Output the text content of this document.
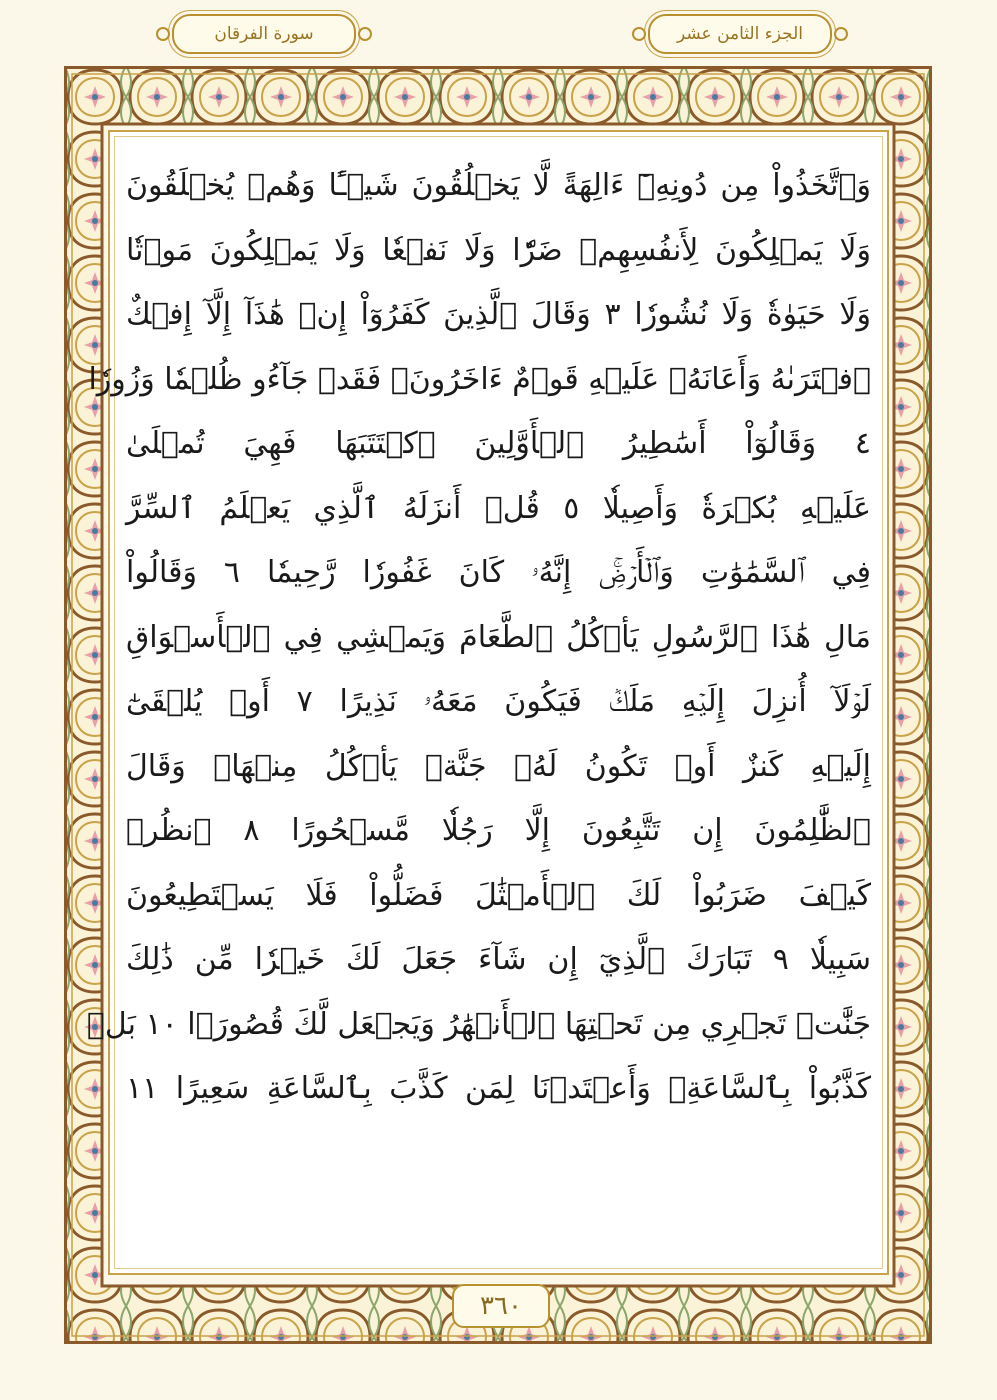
سورة الفرقان	الجزء الثامن عشر
وَٱتَّخَذُواْ مِن دُونِهِۦٓ ءَالِهَةً لَّا يَخۡلُقُونَ شَيۡـًٔا وَهُمۡ يُخۡلَقُونَ
وَلَا يَمۡلِكُونَ لِأَنفُسِهِمۡ ضَرّٗا وَلَا نَفۡعٗا وَلَا يَمۡلِكُونَ مَوۡتٗا
وَلَا حَيَوٰةٗ وَلَا نُشُورٗا ٣ وَقَالَ ٱلَّذِينَ كَفَرُوٓاْ إِنۡ هَٰذَآ إِلَّآ إِفۡكٌ
ٱفۡتَرَىٰهُ وَأَعَانَهُۥ عَلَيۡهِ قَوۡمٌ ءَاخَرُونَۖ فَقَدۡ جَآءُو ظُلۡمٗا وَزُورٗا
٤ وَقَالُوٓاْ أَسَٰطِيرُ ٱلۡأَوَّلِينَ ٱكۡتَتَبَهَا فَهِيَ تُمۡلَىٰ
عَلَيۡهِ بُكۡرَةٗ وَأَصِيلٗا ٥ قُلۡ أَنزَلَهُ ٱلَّذِي يَعۡلَمُ ٱلسِّرَّ
فِي ٱلسَّمَٰوَٰتِ وَٱلۡأَرۡضِۚ إِنَّهُۥ كَانَ غَفُورٗا رَّحِيمٗا ٦ وَقَالُواْ
مَالِ هَٰذَا ٱلرَّسُولِ يَأۡكُلُ ٱلطَّعَامَ وَيَمۡشِي فِي ٱلۡأَسۡوَاقِ
لَوۡلَآ أُنزِلَ إِلَيۡهِ مَلَكٞ فَيَكُونَ مَعَهُۥ نَذِيرًا ٧ أَوۡ يُلۡقَىٰٓ
إِلَيۡهِ كَنزٌ أَوۡ تَكُونُ لَهُۥ جَنَّةٞ يَأۡكُلُ مِنۡهَاۚ وَقَالَ
ٱلظَّٰلِمُونَ إِن تَتَّبِعُونَ إِلَّا رَجُلٗا مَّسۡحُورًا ٨ ٱنظُرۡ
كَيۡفَ ضَرَبُواْ لَكَ ٱلۡأَمۡثَٰلَ فَضَلُّواْ فَلَا يَسۡتَطِيعُونَ
سَبِيلٗا ٩ تَبَارَكَ ٱلَّذِيٓ إِن شَآءَ جَعَلَ لَكَ خَيۡرٗا مِّن ذَٰلِكَ
جَنَّٰتٖ تَجۡرِي مِن تَحۡتِهَا ٱلۡأَنۡهَٰرُ وَيَجۡعَل لَّكَ قُصُورَۢا ١٠ بَلۡ
كَذَّبُواْ بِٱلسَّاعَةِۖ وَأَعۡتَدۡنَا لِمَن كَذَّبَ بِٱلسَّاعَةِ سَعِيرًا ١١
٣٦٠
